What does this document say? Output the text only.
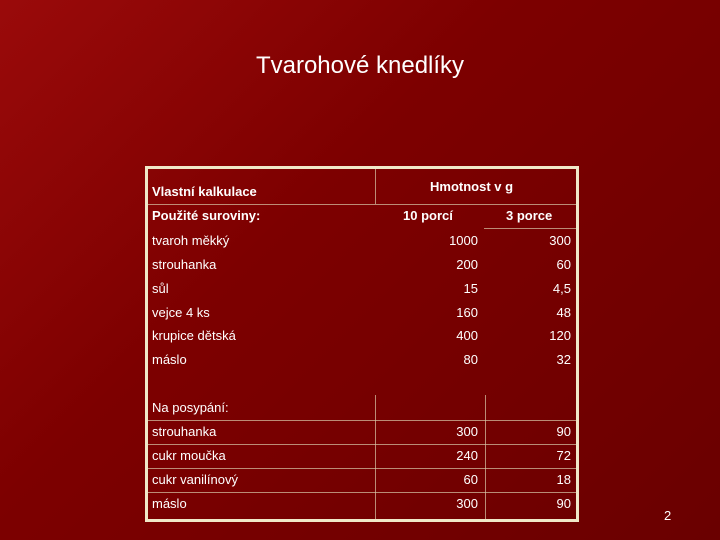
Tvarohové knedlíky
Vlastní kalkulace	Hmotnost v g
Použité suroviny:	10 porcí	3 porce
tvaroh měkký	1000	300
strouhanka	200	60
sůl	15	4,5
vejce 4 ks	160	48
krupice dětská	400	120
máslo	80	32
Na posypání:
strouhanka	300	90
cukr moučka	240	72
cukr vanilínový	60	18
máslo	300	90
2
